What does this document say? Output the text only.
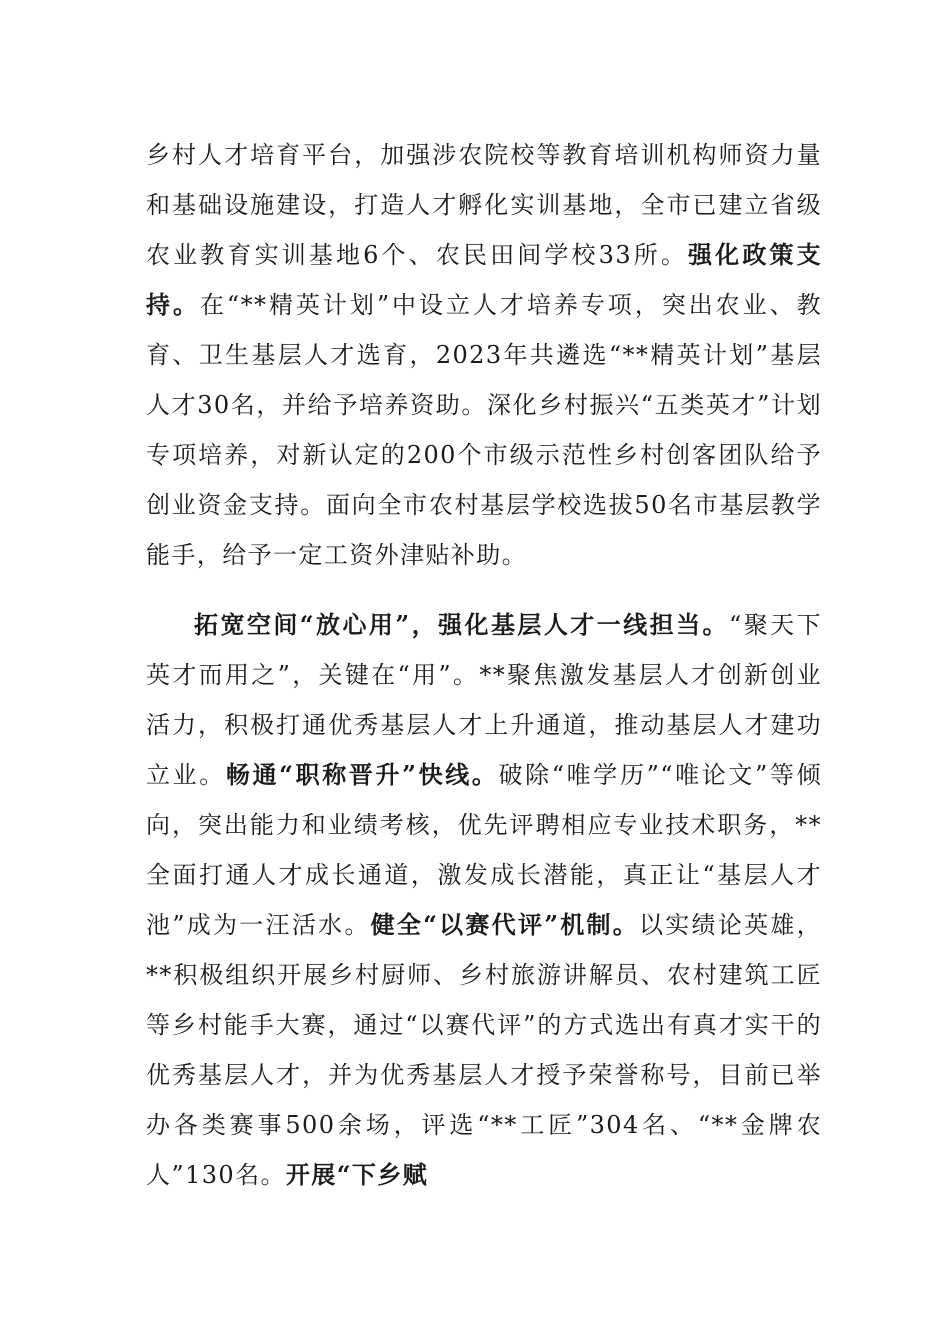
乡村人才培育平台，加强涉农院校等教育培训机构师资力量和基础设施建设，打造人才孵化实训基地，全市已建立省级农业教育实训基地6个、农民田间学校33所。强化政策支持。在“**精英计划”中设立人才培养专项，突出农业、教育、卫生基层人才选育，2023年共遴选“**精英计划”基层人才30名，并给予培养资助。深化乡村振兴“五类英才”计划专项培养，对新认定的200个市级示范性乡村创客团队给予创业资金支持。面向全市农村基层学校选拔50名市基层教学能手，给予一定工资外津贴补助。

拓宽空间“放心用”，强化基层人才一线担当。“聚天下英才而用之”，关键在“用”。**聚焦激发基层人才创新创业活力，积极打通优秀基层人才上升通道，推动基层人才建功立业。畅通“职称晋升”快线。破除“唯学历”“唯论文”等倾向，突出能力和业绩考核，优先评聘相应专业技术职务，**全面打通人才成长通道，激发成长潜能，真正让“基层人才池”成为一汪活水。健全“以赛代评”机制。以实绩论英雄，**积极组织开展乡村厨师、乡村旅游讲解员、农村建筑工匠等乡村能手大赛，通过“以赛代评”的方式选出有真才实干的优秀基层人才，并为优秀基层人才授予荣誉称号，目前已举办各类赛事500余场，评选“**工匠”304名、“**金牌农人”130名。开展“下乡赋
